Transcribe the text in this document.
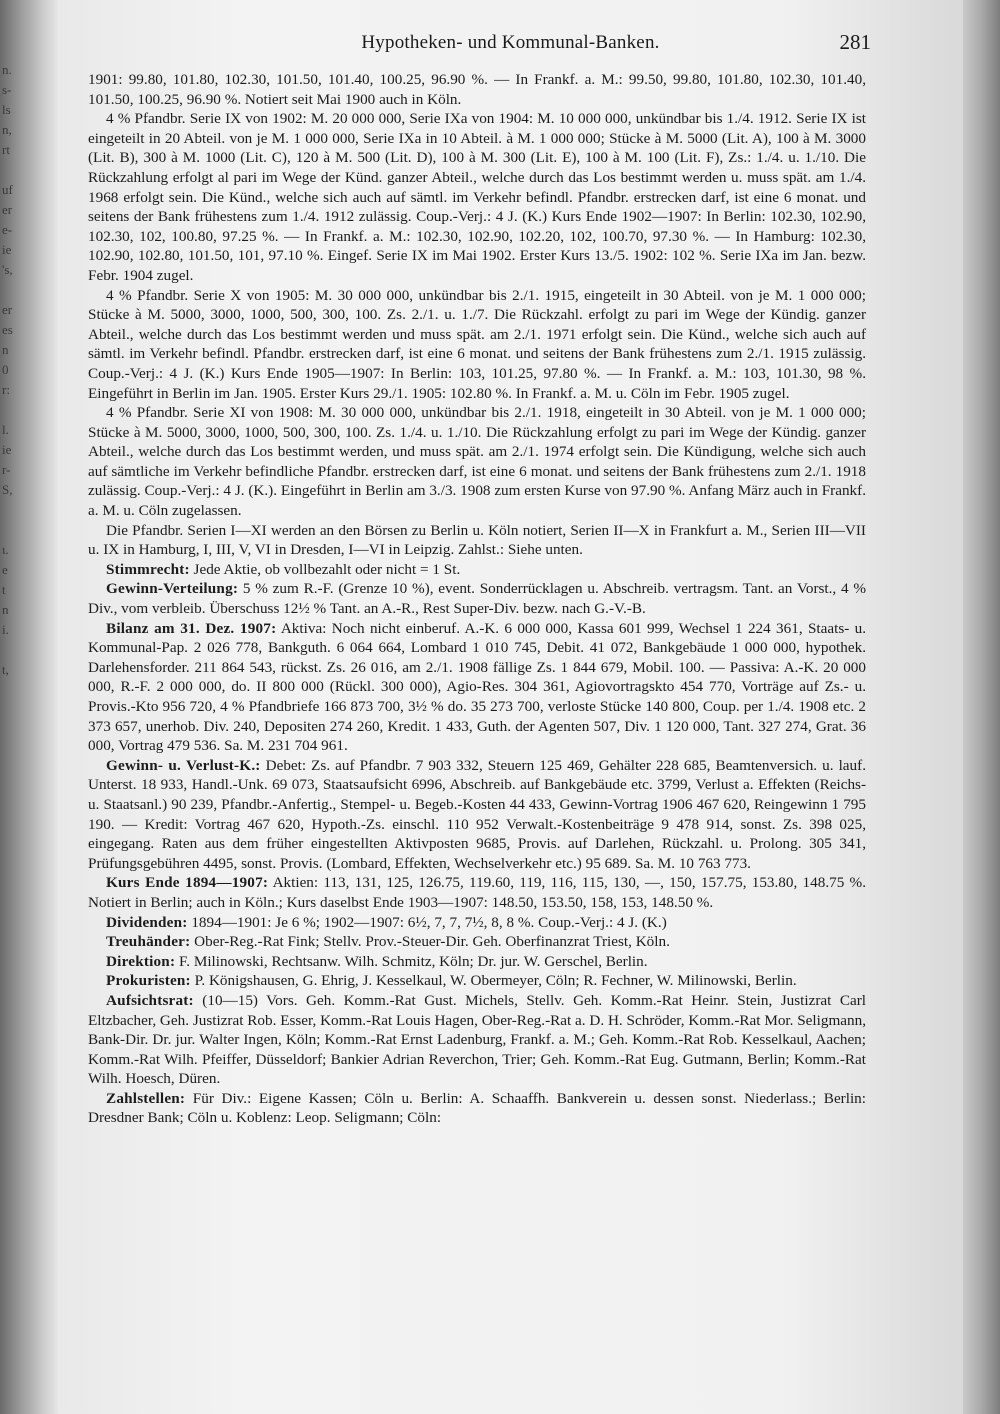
n.
s-
ls
n,
rt
uf
er
e-
ie
's,
er
es
n
0
r:
l.
ie
r-
S,
ι.
e
t
n
i.
t,
Hypotheken- und Kommunal-Banken.	281

1901: 99.80, 101.80, 102.30, 101.50, 101.40, 100.25, 96.90 %. — In Frankf. a. M.: 99.50, 99.80, 101.80, 102.30, 101.40, 101.50, 100.25, 96.90 %. Notiert seit Mai 1900 auch in Köln.

4 % Pfandbr. Serie IX von 1902: M. 20 000 000, Serie IXa von 1904: M. 10 000 000, unkündbar bis 1./4. 1912. Serie IX ist eingeteilt in 20 Abteil. von je M. 1 000 000, Serie IXa in 10 Abteil. à M. 1 000 000; Stücke à M. 5000 (Lit. A), 100 à M. 3000 (Lit. B), 300 à M. 1000 (Lit. C), 120 à M. 500 (Lit. D), 100 à M. 300 (Lit. E), 100 à M. 100 (Lit. F), Zs.: 1./4. u. 1./10. Die Rückzahlung erfolgt al pari im Wege der Künd. ganzer Abteil., welche durch das Los bestimmt werden u. muss spät. am 1./4. 1968 erfolgt sein. Die Künd., welche sich auch auf sämtl. im Verkehr befindl. Pfandbr. erstrecken darf, ist eine 6 monat. und seitens der Bank frühestens zum 1./4. 1912 zulässig. Coup.-Verj.: 4 J. (K.) Kurs Ende 1902—1907: In Berlin: 102.30, 102.90, 102.30, 102, 100.80, 97.25 %. — In Frankf. a. M.: 102.30, 102.90, 102.20, 102, 100.70, 97.30 %. — In Hamburg: 102.30, 102.90, 102.80, 101.50, 101, 97.10 %. Eingef. Serie IX im Mai 1902. Erster Kurs 13./5. 1902: 102 %. Serie IXa im Jan. bezw. Febr. 1904 zugel.

4 % Pfandbr. Serie X von 1905: M. 30 000 000, unkündbar bis 2./1. 1915, eingeteilt in 30 Abteil. von je M. 1 000 000; Stücke à M. 5000, 3000, 1000, 500, 300, 100. Zs. 2./1. u. 1./7. Die Rückzahl. erfolgt zu pari im Wege der Kündig. ganzer Abteil., welche durch das Los bestimmt werden und muss spät. am 2./1. 1971 erfolgt sein. Die Künd., welche sich auch auf sämtl. im Verkehr befindl. Pfandbr. erstrecken darf, ist eine 6 monat. und seitens der Bank frühestens zum 2./1. 1915 zulässig. Coup.-Verj.: 4 J. (K.) Kurs Ende 1905—1907: In Berlin: 103, 101.25, 97.80 %. — In Frankf. a. M.: 103, 101.30, 98 %. Eingeführt in Berlin im Jan. 1905. Erster Kurs 29./1. 1905: 102.80 %. In Frankf. a. M. u. Cöln im Febr. 1905 zugel.

4 % Pfandbr. Serie XI von 1908: M. 30 000 000, unkündbar bis 2./1. 1918, eingeteilt in 30 Abteil. von je M. 1 000 000; Stücke à M. 5000, 3000, 1000, 500, 300, 100. Zs. 1./4. u. 1./10. Die Rückzahlung erfolgt zu pari im Wege der Kündig. ganzer Abteil., welche durch das Los bestimmt werden, und muss spät. am 2./1. 1974 erfolgt sein. Die Kündigung, welche sich auch auf sämtliche im Verkehr befindliche Pfandbr. erstrecken darf, ist eine 6 monat. und seitens der Bank frühestens zum 2./1. 1918 zulässig. Coup.-Verj.: 4 J. (K.). Eingeführt in Berlin am 3./3. 1908 zum ersten Kurse von 97.90 %. Anfang März auch in Frankf. a. M. u. Cöln zugelassen.

Die Pfandbr. Serien I—XI werden an den Börsen zu Berlin u. Köln notiert, Serien II—X in Frankfurt a. M., Serien III—VII u. IX in Hamburg, I, III, V, VI in Dresden, I—VI in Leipzig. Zahlst.: Siehe unten.

Stimmrecht: Jede Aktie, ob vollbezahlt oder nicht = 1 St.

Gewinn-Verteilung: 5 % zum R.-F. (Grenze 10 %), event. Sonderrücklagen u. Abschreib. vertragsm. Tant. an Vorst., 4 % Div., vom verbleib. Überschuss 12½ % Tant. an A.-R., Rest Super-Div. bezw. nach G.-V.-B.

Bilanz am 31. Dez. 1907: Aktiva: Noch nicht einberuf. A.-K. 6 000 000, Kassa 601 999, Wechsel 1 224 361, Staats- u. Kommunal-Pap. 2 026 778, Bankguth. 6 064 664, Lombard 1 010 745, Debit. 41 072, Bankgebäude 1 000 000, hypothek. Darlehensforder. 211 864 543, rückst. Zs. 26 016, am 2./1. 1908 fällige Zs. 1 844 679, Mobil. 100. — Passiva: A.-K. 20 000 000, R.-F. 2 000 000, do. II 800 000 (Rückl. 300 000), Agio-Res. 304 361, Agiovortragskto 454 770, Vorträge auf Zs.- u. Provis.-Kto 956 720, 4 % Pfandbriefe 166 873 700, 3½ % do. 35 273 700, verloste Stücke 140 800, Coup. per 1./4. 1908 etc. 2 373 657, unerhob. Div. 240, Depositen 274 260, Kredit. 1 433, Guth. der Agenten 507, Div. 1 120 000, Tant. 327 274, Grat. 36 000, Vortrag 479 536. Sa. M. 231 704 961.

Gewinn- u. Verlust-K.: Debet: Zs. auf Pfandbr. 7 903 332, Steuern 125 469, Gehälter 228 685, Beamtenversich. u. lauf. Unterst. 18 933, Handl.-Unk. 69 073, Staatsaufsicht 6996, Abschreib. auf Bankgebäude etc. 3799, Verlust a. Effekten (Reichs- u. Staatsanl.) 90 239, Pfandbr.-Anfertig., Stempel- u. Begeb.-Kosten 44 433, Gewinn-Vortrag 1906 467 620, Reingewinn 1 795 190. — Kredit: Vortrag 467 620, Hypoth.-Zs. einschl. 110 952 Verwalt.-Kostenbeiträge 9 478 914, sonst. Zs. 398 025, eingegang. Raten aus dem früher eingestellten Aktivposten 9685, Provis. auf Darlehen, Rückzahl. u. Prolong. 305 341, Prüfungsgebühren 4495, sonst. Provis. (Lombard, Effekten, Wechselverkehr etc.) 95 689. Sa. M. 10 763 773.

Kurs Ende 1894—1907: Aktien: 113, 131, 125, 126.75, 119.60, 119, 116, 115, 130, —, 150, 157.75, 153.80, 148.75 %. Notiert in Berlin; auch in Köln.; Kurs daselbst Ende 1903—1907: 148.50, 153.50, 158, 153, 148.50 %.

Dividenden: 1894—1901: Je 6 %; 1902—1907: 6½, 7, 7, 7½, 8, 8 %. Coup.-Verj.: 4 J. (K.)

Treuhänder: Ober-Reg.-Rat Fink; Stellv. Prov.-Steuer-Dir. Geh. Oberfinanzrat Triest, Köln.

Direktion: F. Milinowski, Rechtsanw. Wilh. Schmitz, Köln; Dr. jur. W. Gerschel, Berlin.

Prokuristen: P. Königshausen, G. Ehrig, J. Kesselkaul, W. Obermeyer, Cöln; R. Fechner, W. Milinowski, Berlin.

Aufsichtsrat: (10—15) Vors. Geh. Komm.-Rat Gust. Michels, Stellv. Geh. Komm.-Rat Heinr. Stein, Justizrat Carl Eltzbacher, Geh. Justizrat Rob. Esser, Komm.-Rat Louis Hagen, Ober-Reg.-Rat a. D. H. Schröder, Komm.-Rat Mor. Seligmann, Bank-Dir. Dr. jur. Walter Ingen, Köln; Komm.-Rat Ernst Ladenburg, Frankf. a. M.; Geh. Komm.-Rat Rob. Kesselkaul, Aachen; Komm.-Rat Wilh. Pfeiffer, Düsseldorf; Bankier Adrian Reverchon, Trier; Geh. Komm.-Rat Eug. Gutmann, Berlin; Komm.-Rat Wilh. Hoesch, Düren.

Zahlstellen: Für Div.: Eigene Kassen; Cöln u. Berlin: A. Schaaffh. Bankverein u. dessen sonst. Niederlass.; Berlin: Dresdner Bank; Cöln u. Koblenz: Leop. Seligmann; Cöln:
